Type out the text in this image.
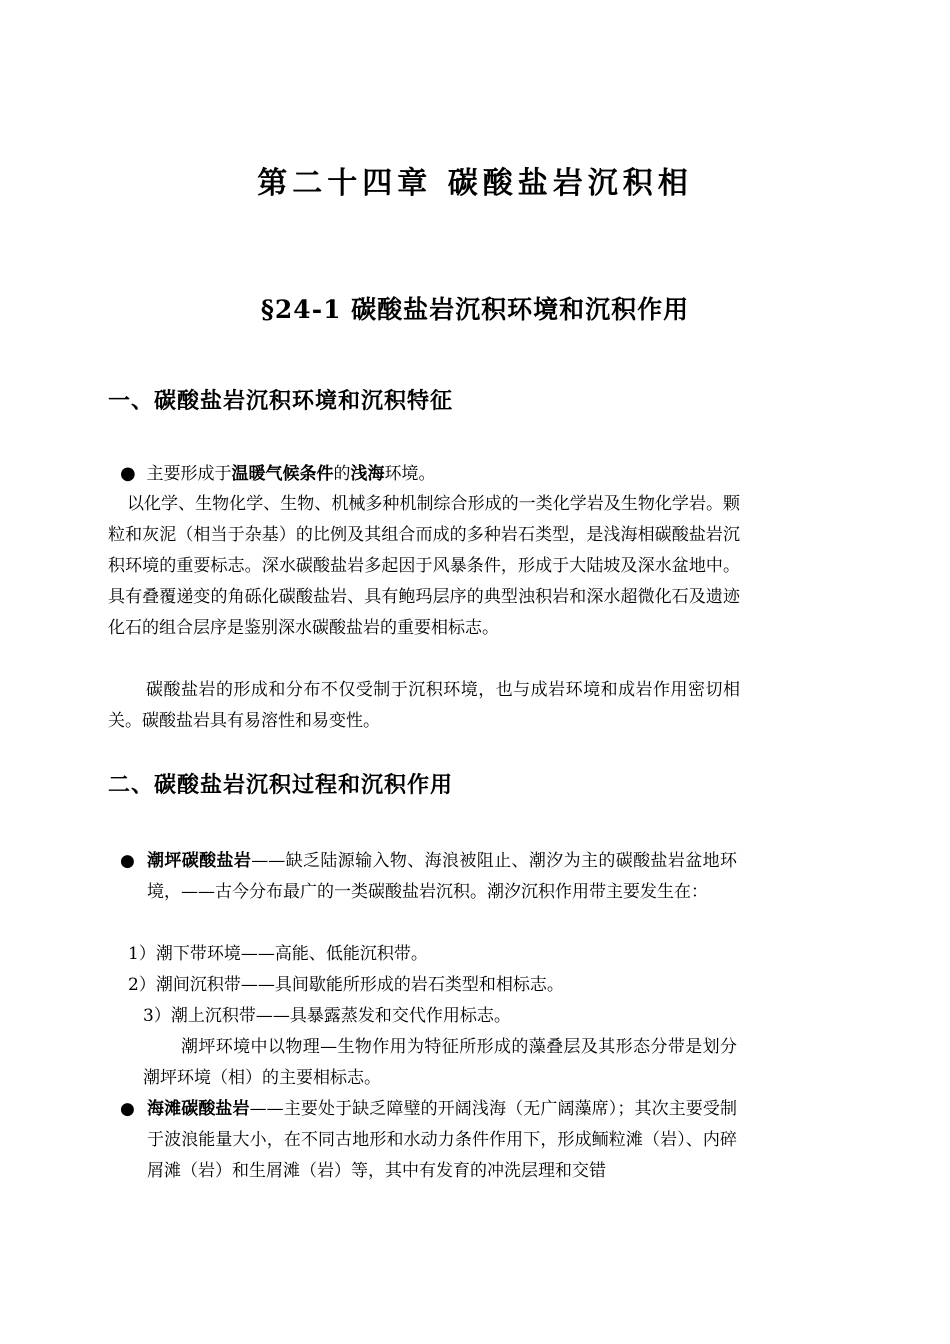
第二十四章 碳酸盐岩沉积相
§24-1 碳酸盐岩沉积环境和沉积作用
一、碳酸盐岩沉积环境和沉积特征
● 主要形成于温暖气候条件的浅海环境。
以化学、生物化学、生物、机械多种机制综合形成的一类化学岩及生物化学岩。颗粒和灰泥（相当于杂基）的比例及其组合而成的多种岩石类型，是浅海相碳酸盐岩沉积环境的重要标志。深水碳酸盐岩多起因于风暴条件，形成于大陆坡及深水盆地中。具有叠覆递变的角砾化碳酸盐岩、具有鲍玛层序的典型浊积岩和深水超微化石及遗迹化石的组合层序是鉴别深水碳酸盐岩的重要相标志。
碳酸盐岩的形成和分布不仅受制于沉积环境，也与成岩环境和成岩作用密切相关。碳酸盐岩具有易溶性和易变性。
二、碳酸盐岩沉积过程和沉积作用
● 潮坪碳酸盐岩——缺乏陆源输入物、海浪被阻止、潮汐为主的碳酸盐岩盆地环境，——古今分布最广的一类碳酸盐岩沉积。潮汐沉积作用带主要发生在：
1）潮下带环境——高能、低能沉积带。
2）潮间沉积带——具间歇能所形成的岩石类型和相标志。
3）潮上沉积带——具暴露蒸发和交代作用标志。
潮坪环境中以物理—生物作用为特征所形成的藻叠层及其形态分带是划分潮坪环境（相）的主要相标志。
● 海滩碳酸盐岩——主要处于缺乏障璧的开阔浅海（无广阔藻席）；其次主要受制于波浪能量大小，在不同古地形和水动力条件作用下，形成鲕粒滩（岩）、内碎屑滩（岩）和生屑滩（岩）等，其中有发育的冲洗层理和交错
